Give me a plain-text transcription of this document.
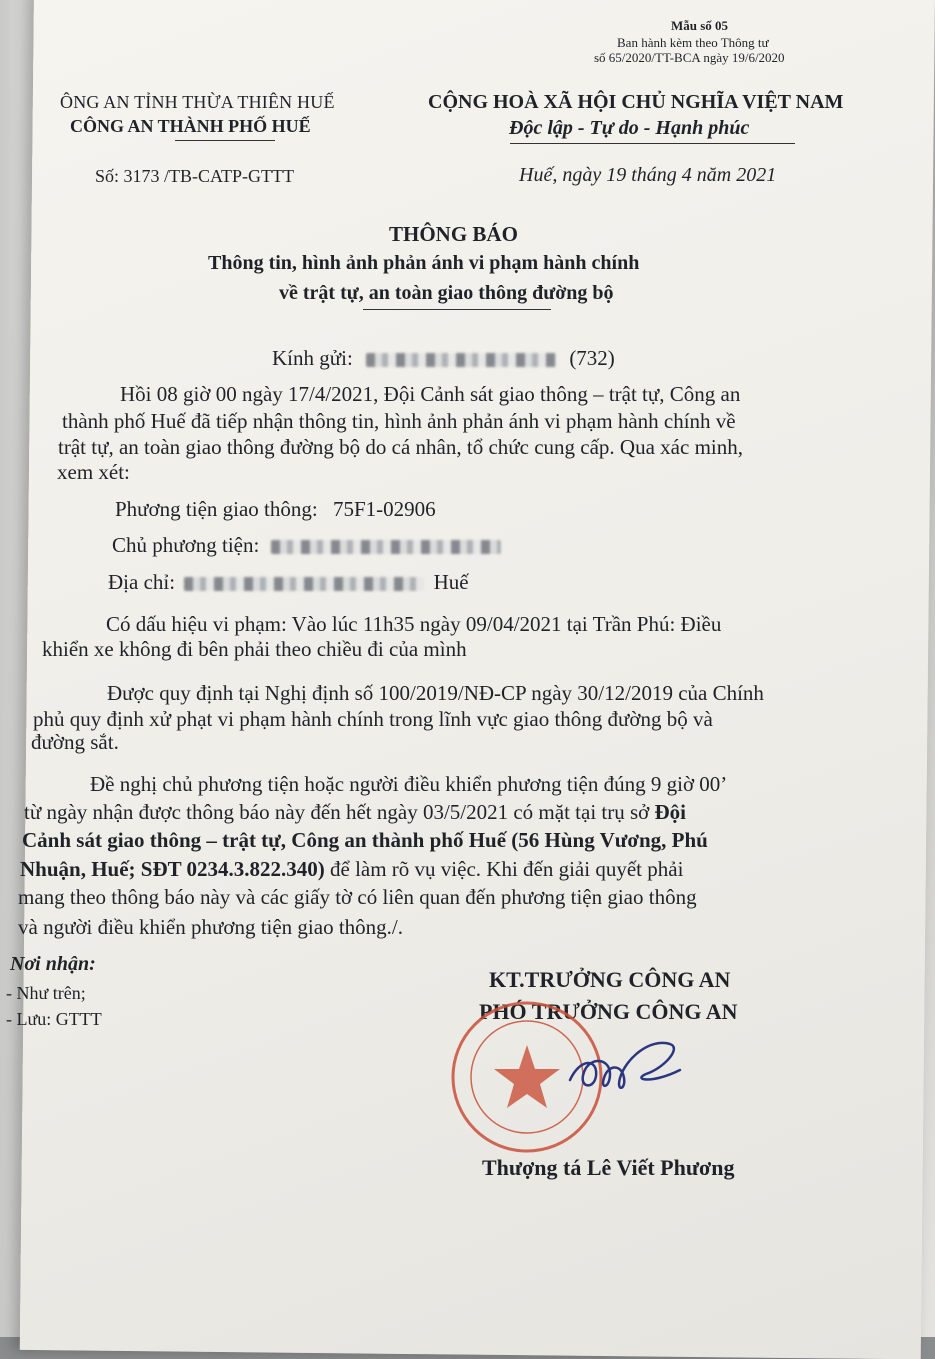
Mẫu số 05
Ban hành kèm theo Thông tư
số 65/2020/TT-BCA ngày 19/6/2020
ÔNG AN TỈNH THỪA THIÊN HUẾ
CÔNG AN THÀNH PHỐ HUẾ
Số: 3173 /TB-CATP-GTTT
CỘNG HOÀ XÃ HỘI CHỦ NGHĨA VIỆT NAM
Độc lập - Tự do - Hạnh phúc
Huế, ngày 19 tháng 4 năm 2021
THÔNG BÁO
Thông tin, hình ảnh phản ánh vi phạm hành chính
về trật tự, an toàn giao thông đường bộ
Kính gửi:	(732)
Hồi 08 giờ 00 ngày 17/4/2021, Đội Cảnh sát giao thông – trật tự, Công an
thành phố Huế đã tiếp nhận thông tin, hình ảnh phản ánh vi phạm hành chính về
trật tự, an toàn giao thông đường bộ do cá nhân, tổ chức cung cấp. Qua xác minh,
xem xét:
Phương tiện giao thông: 75F1-02906
Chủ phương tiện:
Địa chỉ:	Huế
Có dấu hiệu vi phạm: Vào lúc 11h35 ngày 09/04/2021 tại Trần Phú: Điều
khiển xe không đi bên phải theo chiều đi của mình
Được quy định tại Nghị định số 100/2019/NĐ-CP ngày 30/12/2019 của Chính
phủ quy định xử phạt vi phạm hành chính trong lĩnh vực giao thông đường bộ và
đường sắt.
Đề nghị chủ phương tiện hoặc người điều khiển phương tiện đúng 9 giờ 00’
từ ngày nhận được thông báo này đến hết ngày 03/5/2021 có mặt tại trụ sở Đội
Cảnh sát giao thông – trật tự, Công an thành phố Huế (56 Hùng Vương, Phú
Nhuận, Huế; SĐT 0234.3.822.340) để làm rõ vụ việc. Khi đến giải quyết phải
mang theo thông báo này và các giấy tờ có liên quan đến phương tiện giao thông
và người điều khiển phương tiện giao thông./.
Nơi nhận:
- Như trên;
- Lưu: GTTT
KT.TRƯỞNG CÔNG AN
PHÓ TRƯỞNG CÔNG AN
Thượng tá Lê Viết Phương
